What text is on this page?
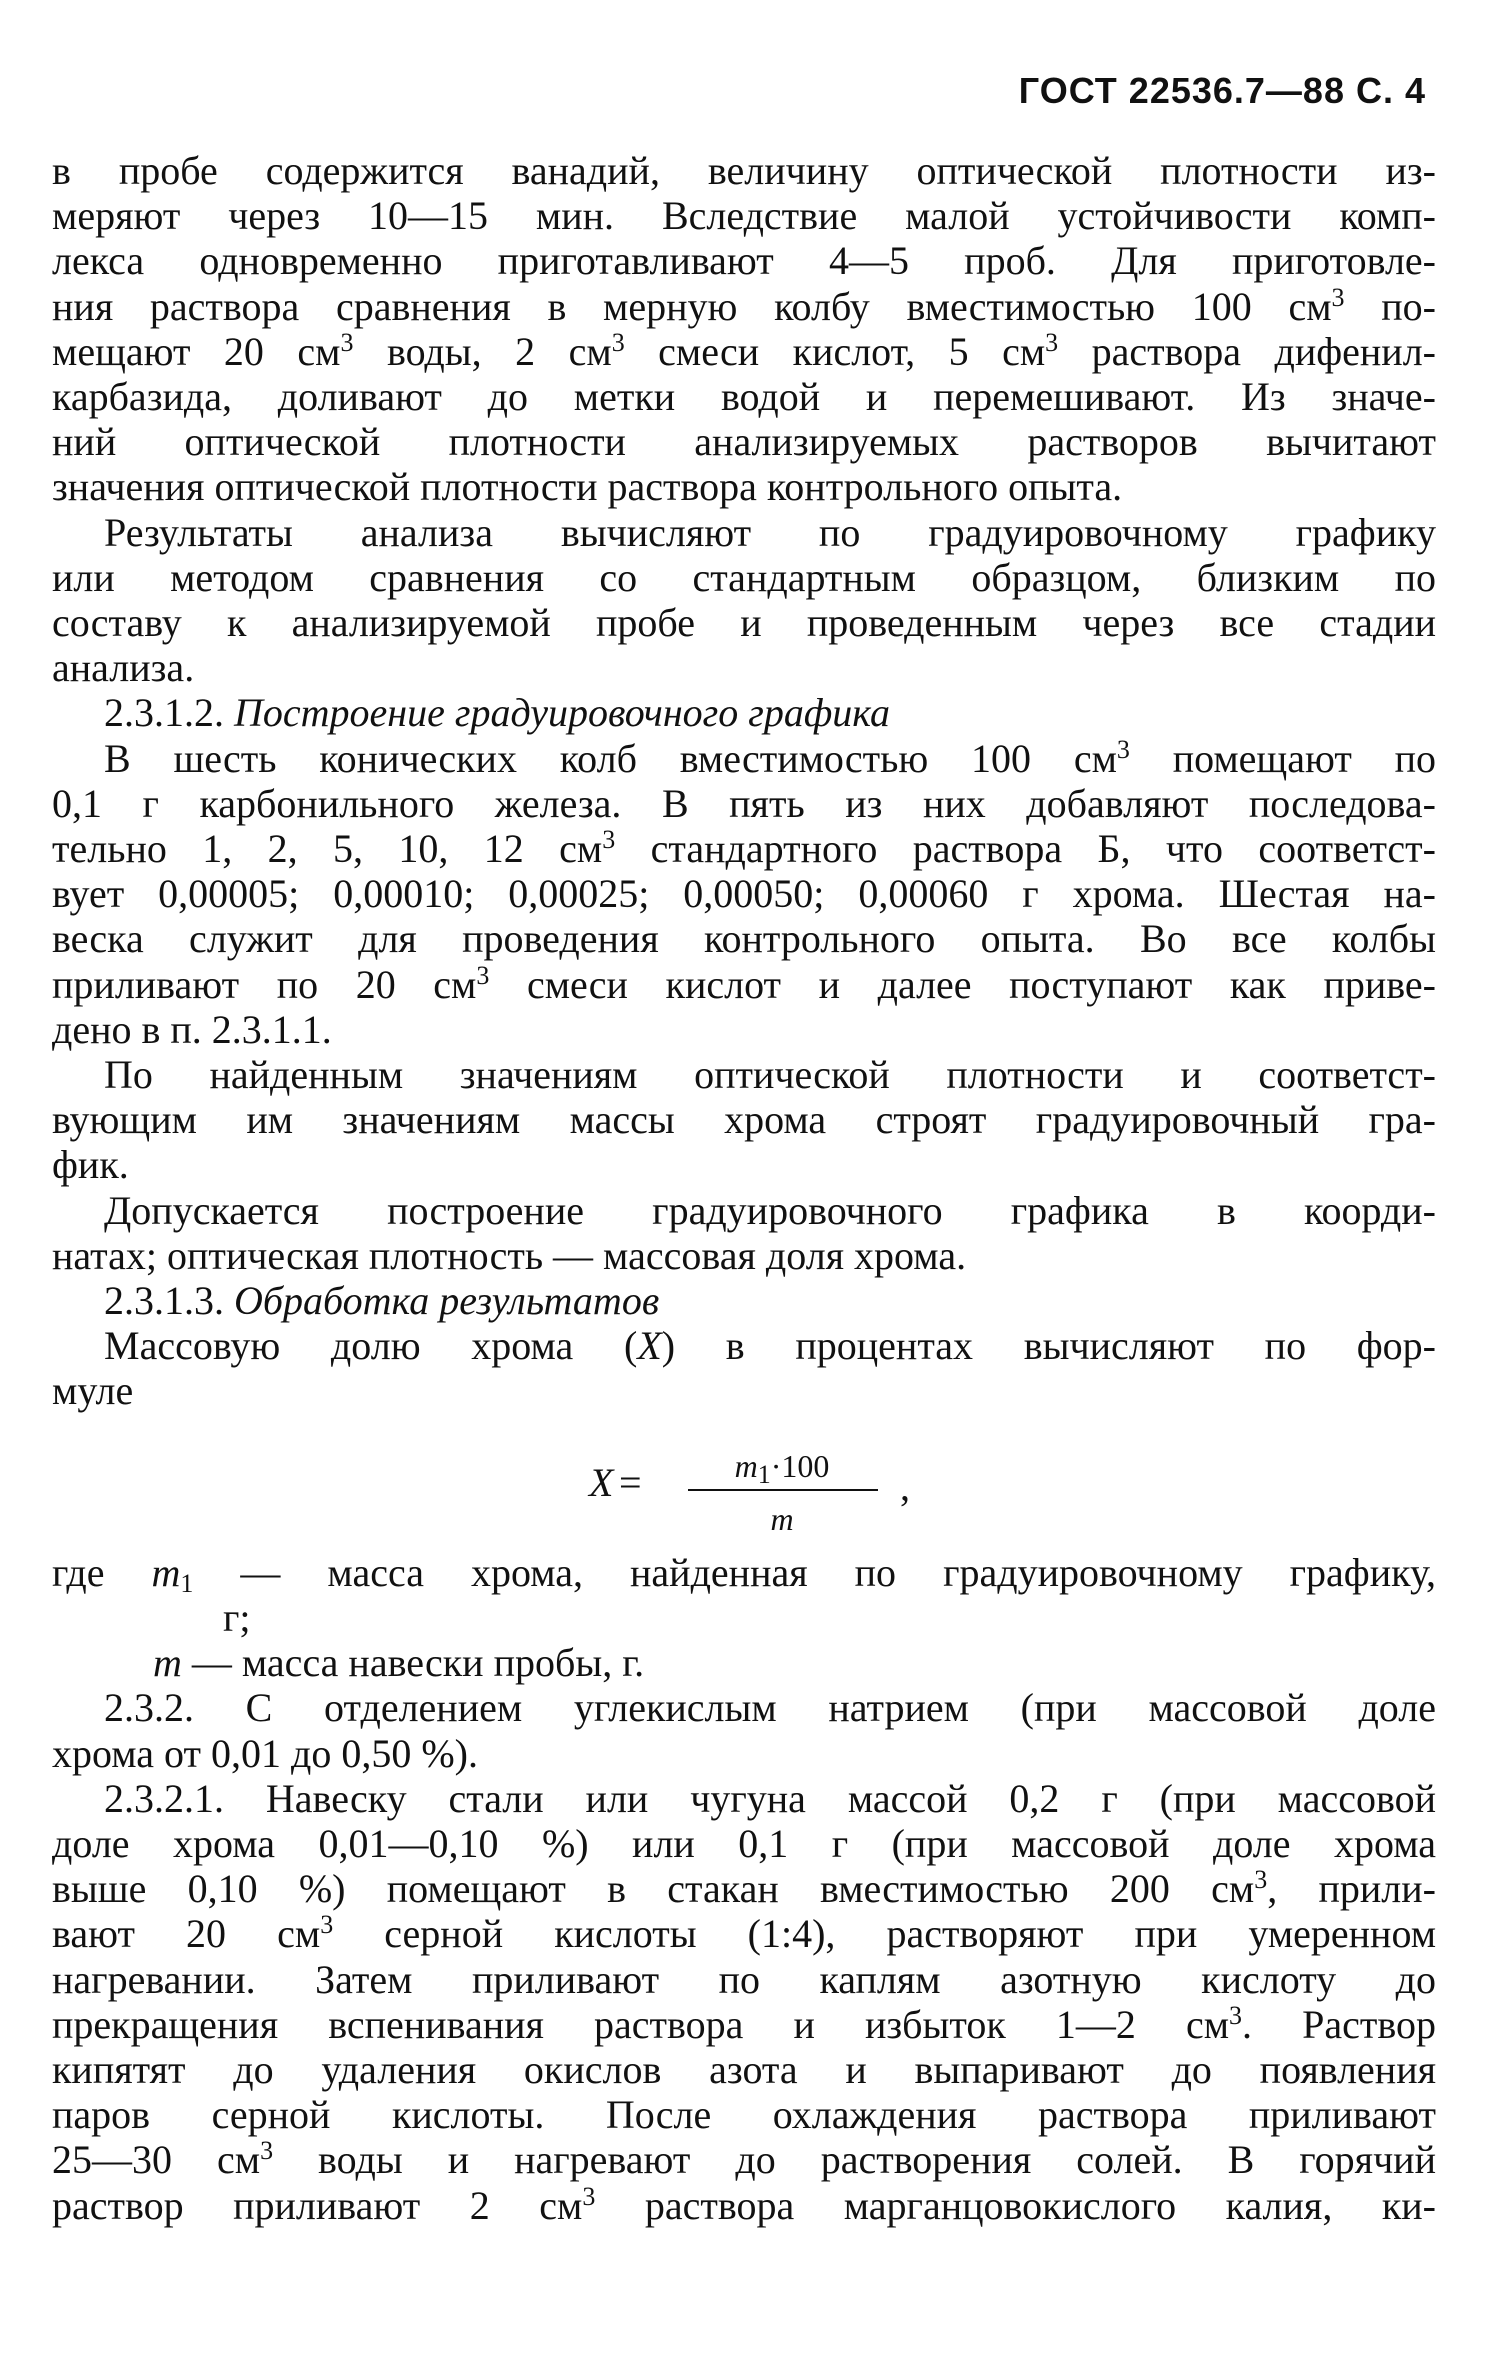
ГОСТ 22536.7—88 С. 4

в пробе содержится ванадий, величину оптической плотности из-

меряют через 10—15 мин. Вследствие малой устойчивости комп-

лекса одновременно приготавливают 4—5 проб. Для приготовле-

ния раствора сравнения в мерную колбу вместимостью 100 $см^3$ по-

мещают 20 $см^3$ воды, 2 $см^3$ смеси кислот, 5 $см^3$ раствора дифенил-

карбазида, доливают до метки водой и перемешивают. Из значе-

ний оптической плотности анализируемых растворов вычитают

значения оптической плотности раствора контрольного опыта.

Результаты анализа вычисляют по градуировочному графику

или методом сравнения со стандартным образцом, близким по

составу к анализируемой пробе и проведенным через все стадии

анализа.

2.3.1.2. Построение градуировочного графика

В шесть конических колб вместимостью 100 $см^3$ помещают по

0,1 г карбонильного железа. В пять из них добавляют последова-

тельно 1, 2, 5, 10, 12 $см^3$ стандартного раствора Б, что соответст-

вует 0,00005; 0,00010; 0,00025; 0,00050; 0,00060 г хрома. Шестая на-

веска служит для проведения контрольного опыта. Во все колбы

приливают по 20 $см^3$ смеси кислот и далее поступают как приве-

дено в п. 2.3.1.1.

По найденным значениям оптической плотности и соответст-

вующим им значениям массы хрома строят градуировочный гра-

фик.

Допускается построение градуировочного графика в коорди-

натах; оптическая плотность — массовая доля хрома.

2.3.1.3. Обработка результатов

Массовую долю хрома (X) в процентах вычисляют по фор-

муле

X =	$m_1\cdot 100$
m
,

где $m_1$ — масса хрома, найденная по градуировочному графику,

г;

m — масса навески пробы, г.

2.3.2. С отделением углекислым натрием (при массовой доле

хрома от 0,01 до 0,50 %).

2.3.2.1. Навеску стали или чугуна массой 0,2 г (при массовой

доле хрома 0,01—0,10 %) или 0,1 г (при массовой доле хрома

выше 0,10 %) помещают в стакан вместимостью 200 $см^3$, прили-

вают 20 $см^3$ серной кислоты (1:4), растворяют при умеренном

нагревании. Затем приливают по каплям азотную кислоту до

прекращения вспенивания раствора и избыток 1—2 $см^3$. Раствор

кипятят до удаления окислов азота и выпаривают до появления

паров серной кислоты. После охлаждения раствора приливают

25—30 $см^3$ воды и нагревают до растворения солей. В горячий

раствор приливают 2 $см^3$ раствора марганцовокислого калия, ки-
